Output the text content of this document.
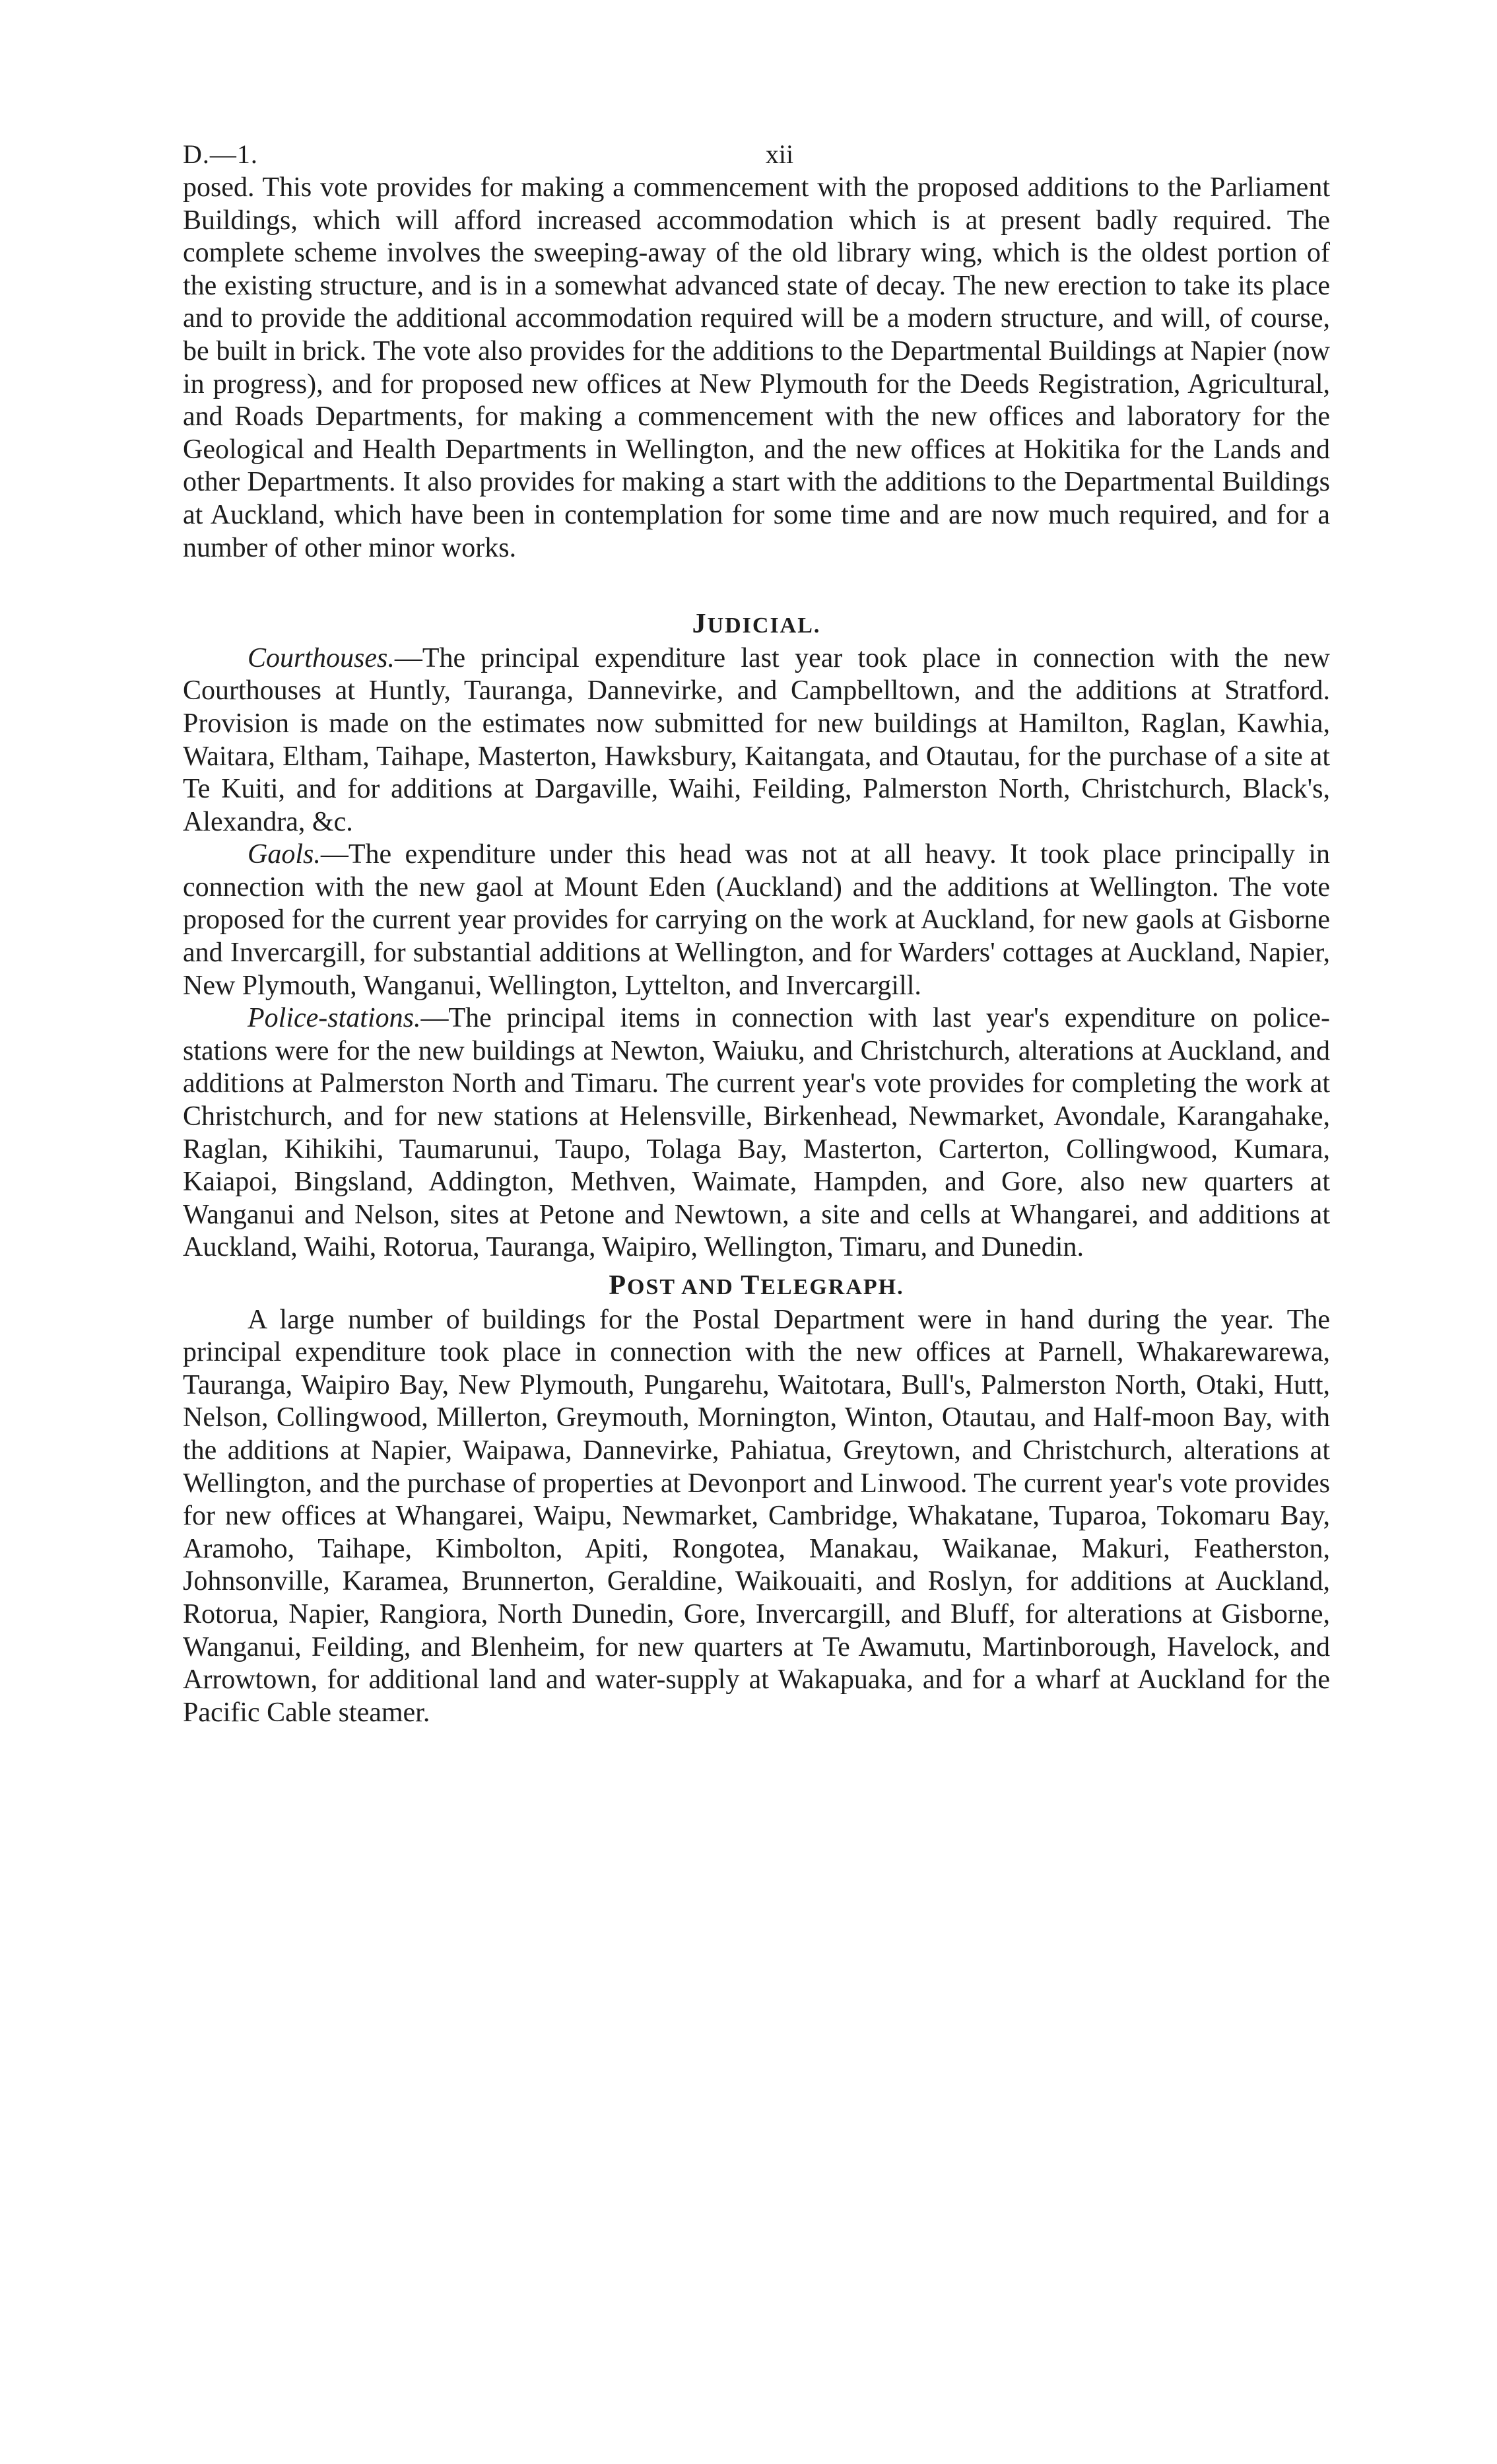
D.—1.	xii

posed. This vote provides for making a commencement with the proposed additions to the Parliament Buildings, which will afford increased accommodation which is at present badly required. The complete scheme involves the sweeping-away of the old library wing, which is the oldest portion of the existing structure, and is in a somewhat advanced state of decay. The new erection to take its place and to provide the additional accommodation required will be a modern structure, and will, of course, be built in brick. The vote also provides for the additions to the Departmental Buildings at Napier (now in progress), and for proposed new offices at New Plymouth for the Deeds Registration, Agricultural, and Roads Departments, for making a commencement with the new offices and laboratory for the Geological and Health Departments in Wellington, and the new offices at Hokitika for the Lands and other Departments. It also provides for making a start with the additions to the Departmental Buildings at Auckland, which have been in contemplation for some time and are now much required, and for a number of other minor works.

JUDICIAL.

Courthouses.—The principal expenditure last year took place in connection with the new Courthouses at Huntly, Tauranga, Dannevirke, and Campbelltown, and the additions at Stratford. Provision is made on the estimates now submitted for new buildings at Hamilton, Raglan, Kawhia, Waitara, Eltham, Taihape, Masterton, Hawksbury, Kaitangata, and Otautau, for the purchase of a site at Te Kuiti, and for additions at Dargaville, Waihi, Feilding, Palmerston North, Christchurch, Black's, Alexandra, &c.

Gaols.—The expenditure under this head was not at all heavy. It took place principally in connection with the new gaol at Mount Eden (Auckland) and the additions at Wellington. The vote proposed for the current year provides for carrying on the work at Auckland, for new gaols at Gisborne and Invercargill, for substantial additions at Wellington, and for Warders' cottages at Auckland, Napier, New Plymouth, Wanganui, Wellington, Lyttelton, and Invercargill.

Police-stations.—The principal items in connection with last year's expenditure on police-stations were for the new buildings at Newton, Waiuku, and Christchurch, alterations at Auckland, and additions at Palmerston North and Timaru. The current year's vote provides for completing the work at Christchurch, and for new stations at Helensville, Birkenhead, Newmarket, Avondale, Karangahake, Raglan, Kihikihi, Taumarunui, Taupo, Tolaga Bay, Masterton, Carterton, Collingwood, Kumara, Kaiapoi, Bingsland, Addington, Methven, Waimate, Hampden, and Gore, also new quarters at Wanganui and Nelson, sites at Petone and Newtown, a site and cells at Whangarei, and additions at Auckland, Waihi, Rotorua, Tauranga, Waipiro, Wellington, Timaru, and Dunedin.

POST AND TELEGRAPH.

A large number of buildings for the Postal Department were in hand during the year. The principal expenditure took place in connection with the new offices at Parnell, Whakarewarewa, Tauranga, Waipiro Bay, New Plymouth, Pungarehu, Waitotara, Bull's, Palmerston North, Otaki, Hutt, Nelson, Collingwood, Millerton, Greymouth, Mornington, Winton, Otautau, and Half-moon Bay, with the additions at Napier, Waipawa, Dannevirke, Pahiatua, Greytown, and Christchurch, alterations at Wellington, and the purchase of properties at Devonport and Linwood. The current year's vote provides for new offices at Whangarei, Waipu, Newmarket, Cambridge, Whakatane, Tuparoa, Tokomaru Bay, Aramoho, Taihape, Kimbolton, Apiti, Rongotea, Manakau, Waikanae, Makuri, Featherston, Johnsonville, Karamea, Brunnerton, Geraldine, Waikouaiti, and Roslyn, for additions at Auckland, Rotorua, Napier, Rangiora, North Dunedin, Gore, Invercargill, and Bluff, for alterations at Gisborne, Wanganui, Feilding, and Blenheim, for new quarters at Te Awamutu, Martinborough, Havelock, and Arrowtown, for additional land and water-supply at Wakapuaka, and for a wharf at Auckland for the Pacific Cable steamer.
